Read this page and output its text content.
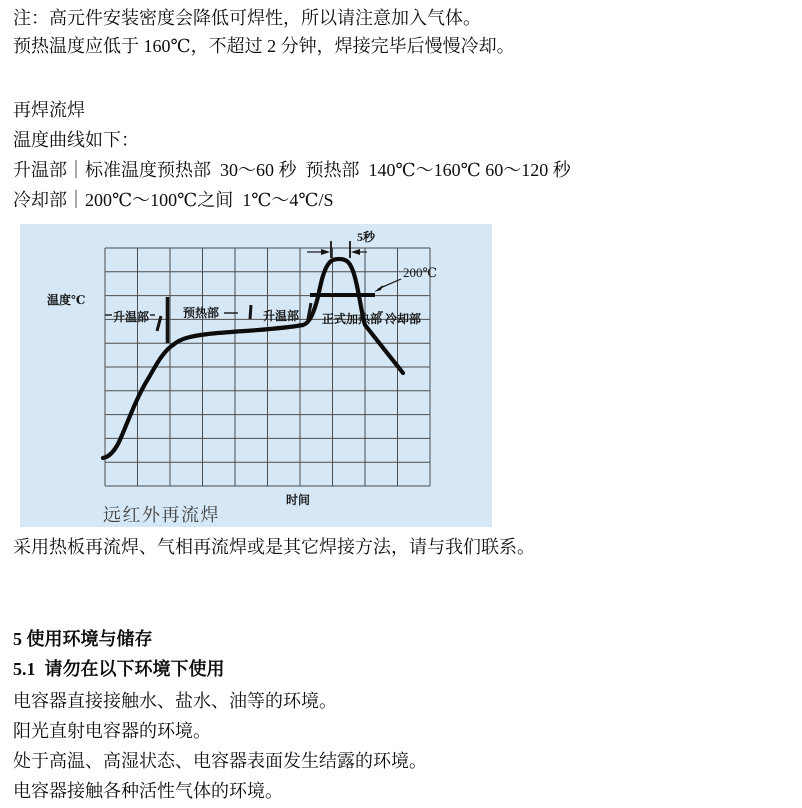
注：高元件安装密度会降低可焊性，所以请注意加入气体。
预热温度应低于 160℃，不超过 2 分钟，焊接完毕后慢慢冷却。
再焊流焊
温度曲线如下：
升温部｜标准温度预热部  30～60 秒  预热部  140℃～160℃ 60～120 秒
冷却部｜200℃～100℃之间  1℃～4℃/S
升温部	预热部	升温部 正式加热部 冷却部
温度℃
时间
5秒
200℃
远红外再流焊
采用热板再流焊、气相再流焊或是其它焊接方法，请与我们联系。
5 使用环境与储存
5.1  请勿在以下环境下使用
电容器直接接触水、盐水、油等的环境。
阳光直射电容器的环境。
处于高温、高湿状态、电容器表面发生结露的环境。
电容器接触各种活性气体的环境。
